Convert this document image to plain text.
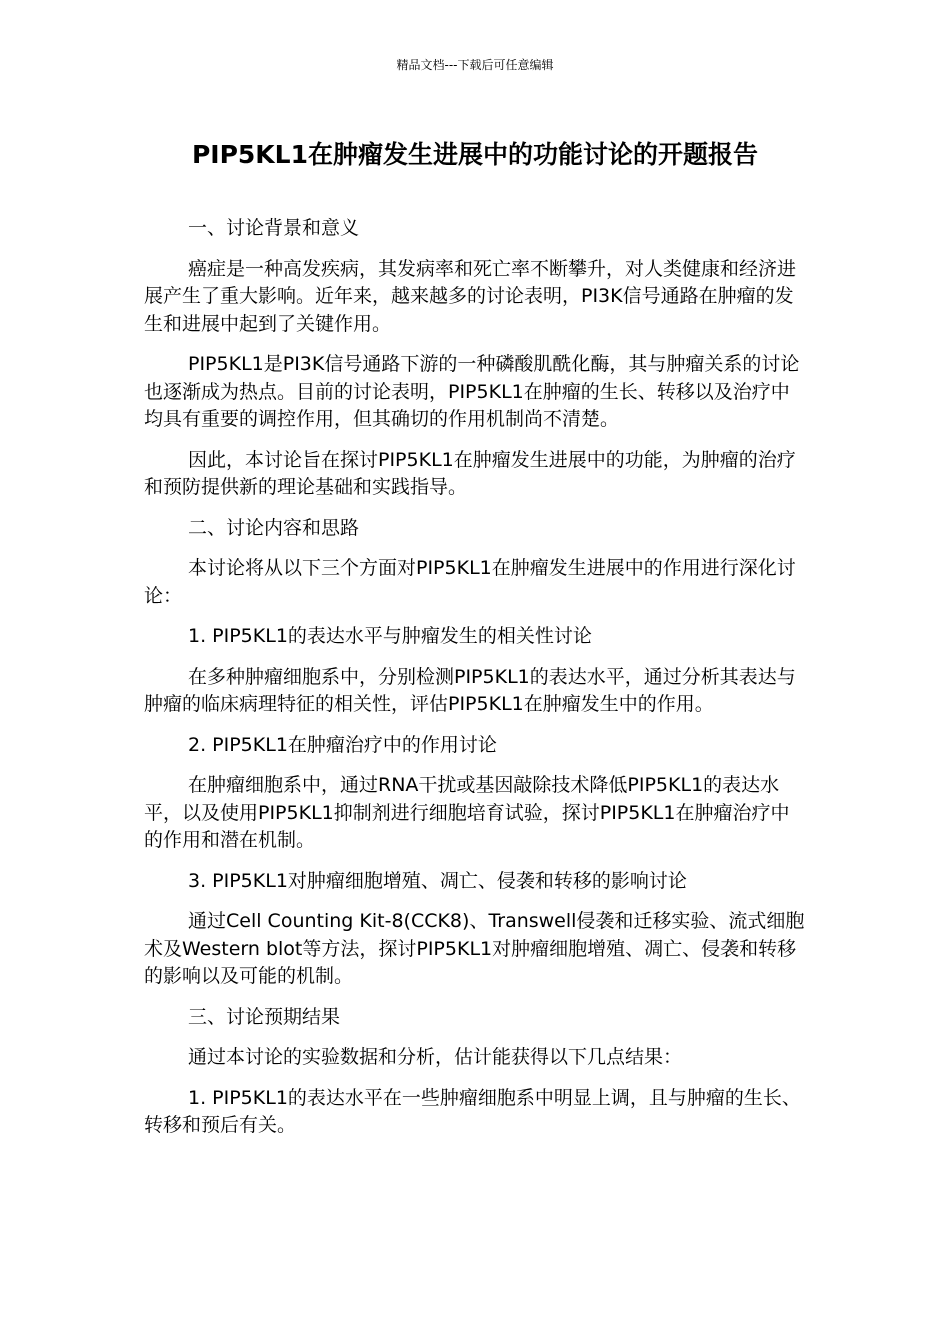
精品文档---下载后可任意编辑
PIP5KL1在肿瘤发生进展中的功能讨论的开题报告

一、讨论背景和意义

癌症是一种高发疾病，其发病率和死亡率不断攀升，对人类健康和经济进展产生了重大影响。近年来，越来越多的讨论表明，PI3K信号通路在肿瘤的发生和进展中起到了关键作用。

PIP5KL1是PI3K信号通路下游的一种磷酸肌酰化酶，其与肿瘤关系的讨论也逐渐成为热点。目前的讨论表明，PIP5KL1在肿瘤的生长、转移以及治疗中均具有重要的调控作用，但其确切的作用机制尚不清楚。

因此，本讨论旨在探讨PIP5KL1在肿瘤发生进展中的功能，为肿瘤的治疗和预防提供新的理论基础和实践指导。

二、讨论内容和思路

本讨论将从以下三个方面对PIP5KL1在肿瘤发生进展中的作用进行深化讨论：

1. PIP5KL1的表达水平与肿瘤发生的相关性讨论

在多种肿瘤细胞系中，分别检测PIP5KL1的表达水平，通过分析其表达与肿瘤的临床病理特征的相关性，评估PIP5KL1在肿瘤发生中的作用。

2. PIP5KL1在肿瘤治疗中的作用讨论

在肿瘤细胞系中，通过RNA干扰或基因敲除技术降低PIP5KL1的表达水平，以及使用PIP5KL1抑制剂进行细胞培育试验，探讨PIP5KL1在肿瘤治疗中的作用和潜在机制。

3. PIP5KL1对肿瘤细胞增殖、凋亡、侵袭和转移的影响讨论

通过Cell Counting Kit-8(CCK8)、Transwell侵袭和迁移实验、流式细胞术及Western blot等方法，探讨PIP5KL1对肿瘤细胞增殖、凋亡、侵袭和转移的影响以及可能的机制。

三、讨论预期结果

通过本讨论的实验数据和分析，估计能获得以下几点结果：

1. PIP5KL1的表达水平在一些肿瘤细胞系中明显上调，且与肿瘤的生长、转移和预后有关。
